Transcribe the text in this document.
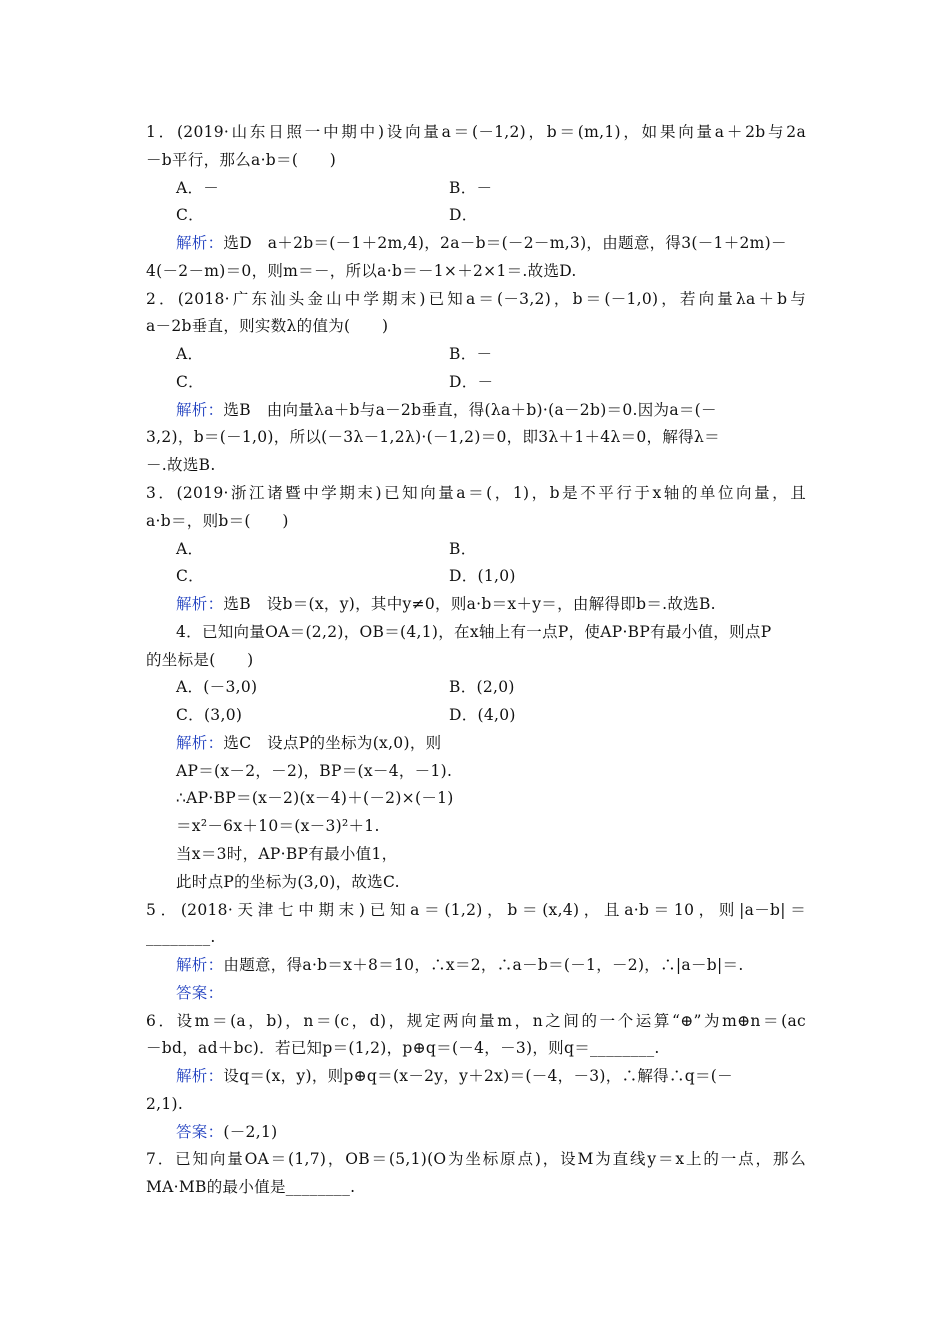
1．(2019·山东日照一中期中)设向量a＝(－1,2)，b＝(m,1)，如果向量a＋2b与2a
－b平行，那么a·b＝(　　)
A．－	B．－
C．	D．
解析：选D　a＋2b＝(－1＋2m,4)，2a－b＝(－2－m,3)，由题意，得3(－1＋2m)－
4(－2－m)＝0，则m＝－，所以a·b＝－1×＋2×1＝.故选D.
2．(2018·广东汕头金山中学期末)已知a＝(－3,2)，b＝(－1,0)，若向量λa＋b与
a－2b垂直，则实数λ的值为(　　)
A．	B．－
C．	D．－
解析：选B　由向量λa＋b与a－2b垂直，得(λa＋b)·(a－2b)＝0.因为a＝(－
3,2)，b＝(－1,0)，所以(－3λ－1,2λ)·(－1,2)＝0，即3λ＋1＋4λ＝0，解得λ＝
－.故选B.
3．(2019·浙江诸暨中学期末)已知向量a＝(，1)，b是不平行于x轴的单位向量，且
a·b＝，则b＝(　　)
A．	B．
C．	D．(1,0)
解析：选B　设b＝(x，y)，其中y≠0，则a·b＝x＋y＝，由解得即b＝.故选B.
4．已知向量OA＝(2,2)，OB＝(4,1)，在x轴上有一点P，使AP·BP有最小值，则点P
的坐标是(　　)
A．(－3,0)	B．(2,0)
C．(3,0)	D．(4,0)
解析：选C　设点P的坐标为(x,0)，则
AP＝(x－2，－2)，BP＝(x－4，－1).
∴AP·BP＝(x－2)(x－4)＋(－2)×(－1)
＝x²－6x＋10＝(x－3)²＋1.
当x＝3时，AP·BP有最小值1，
此时点P的坐标为(3,0)，故选C.
5．(2018·天津七中期末)已知a＝(1,2)，b＝(x,4)，且a·b＝10，则|a－b|＝
________.
解析：由题意，得a·b＝x＋8＝10，∴x＝2，∴a－b＝(－1，－2)，∴|a－b|＝.
答案：
6．设m＝(a，b)，n＝(c，d)，规定两向量m，n之间的一个运算“⊕”为m⊕n＝(ac
－bd，ad＋bc)．若已知p＝(1,2)，p⊕q＝(－4，－3)，则q＝________.
解析：设q＝(x，y)，则p⊕q＝(x－2y，y＋2x)＝(－4，－3)，∴解得∴q＝(－
2,1).
答案：(－2,1)
7．已知向量OA＝(1,7)，OB＝(5,1)(O为坐标原点)，设M为直线y＝x上的一点，那么
MA·MB的最小值是________.
